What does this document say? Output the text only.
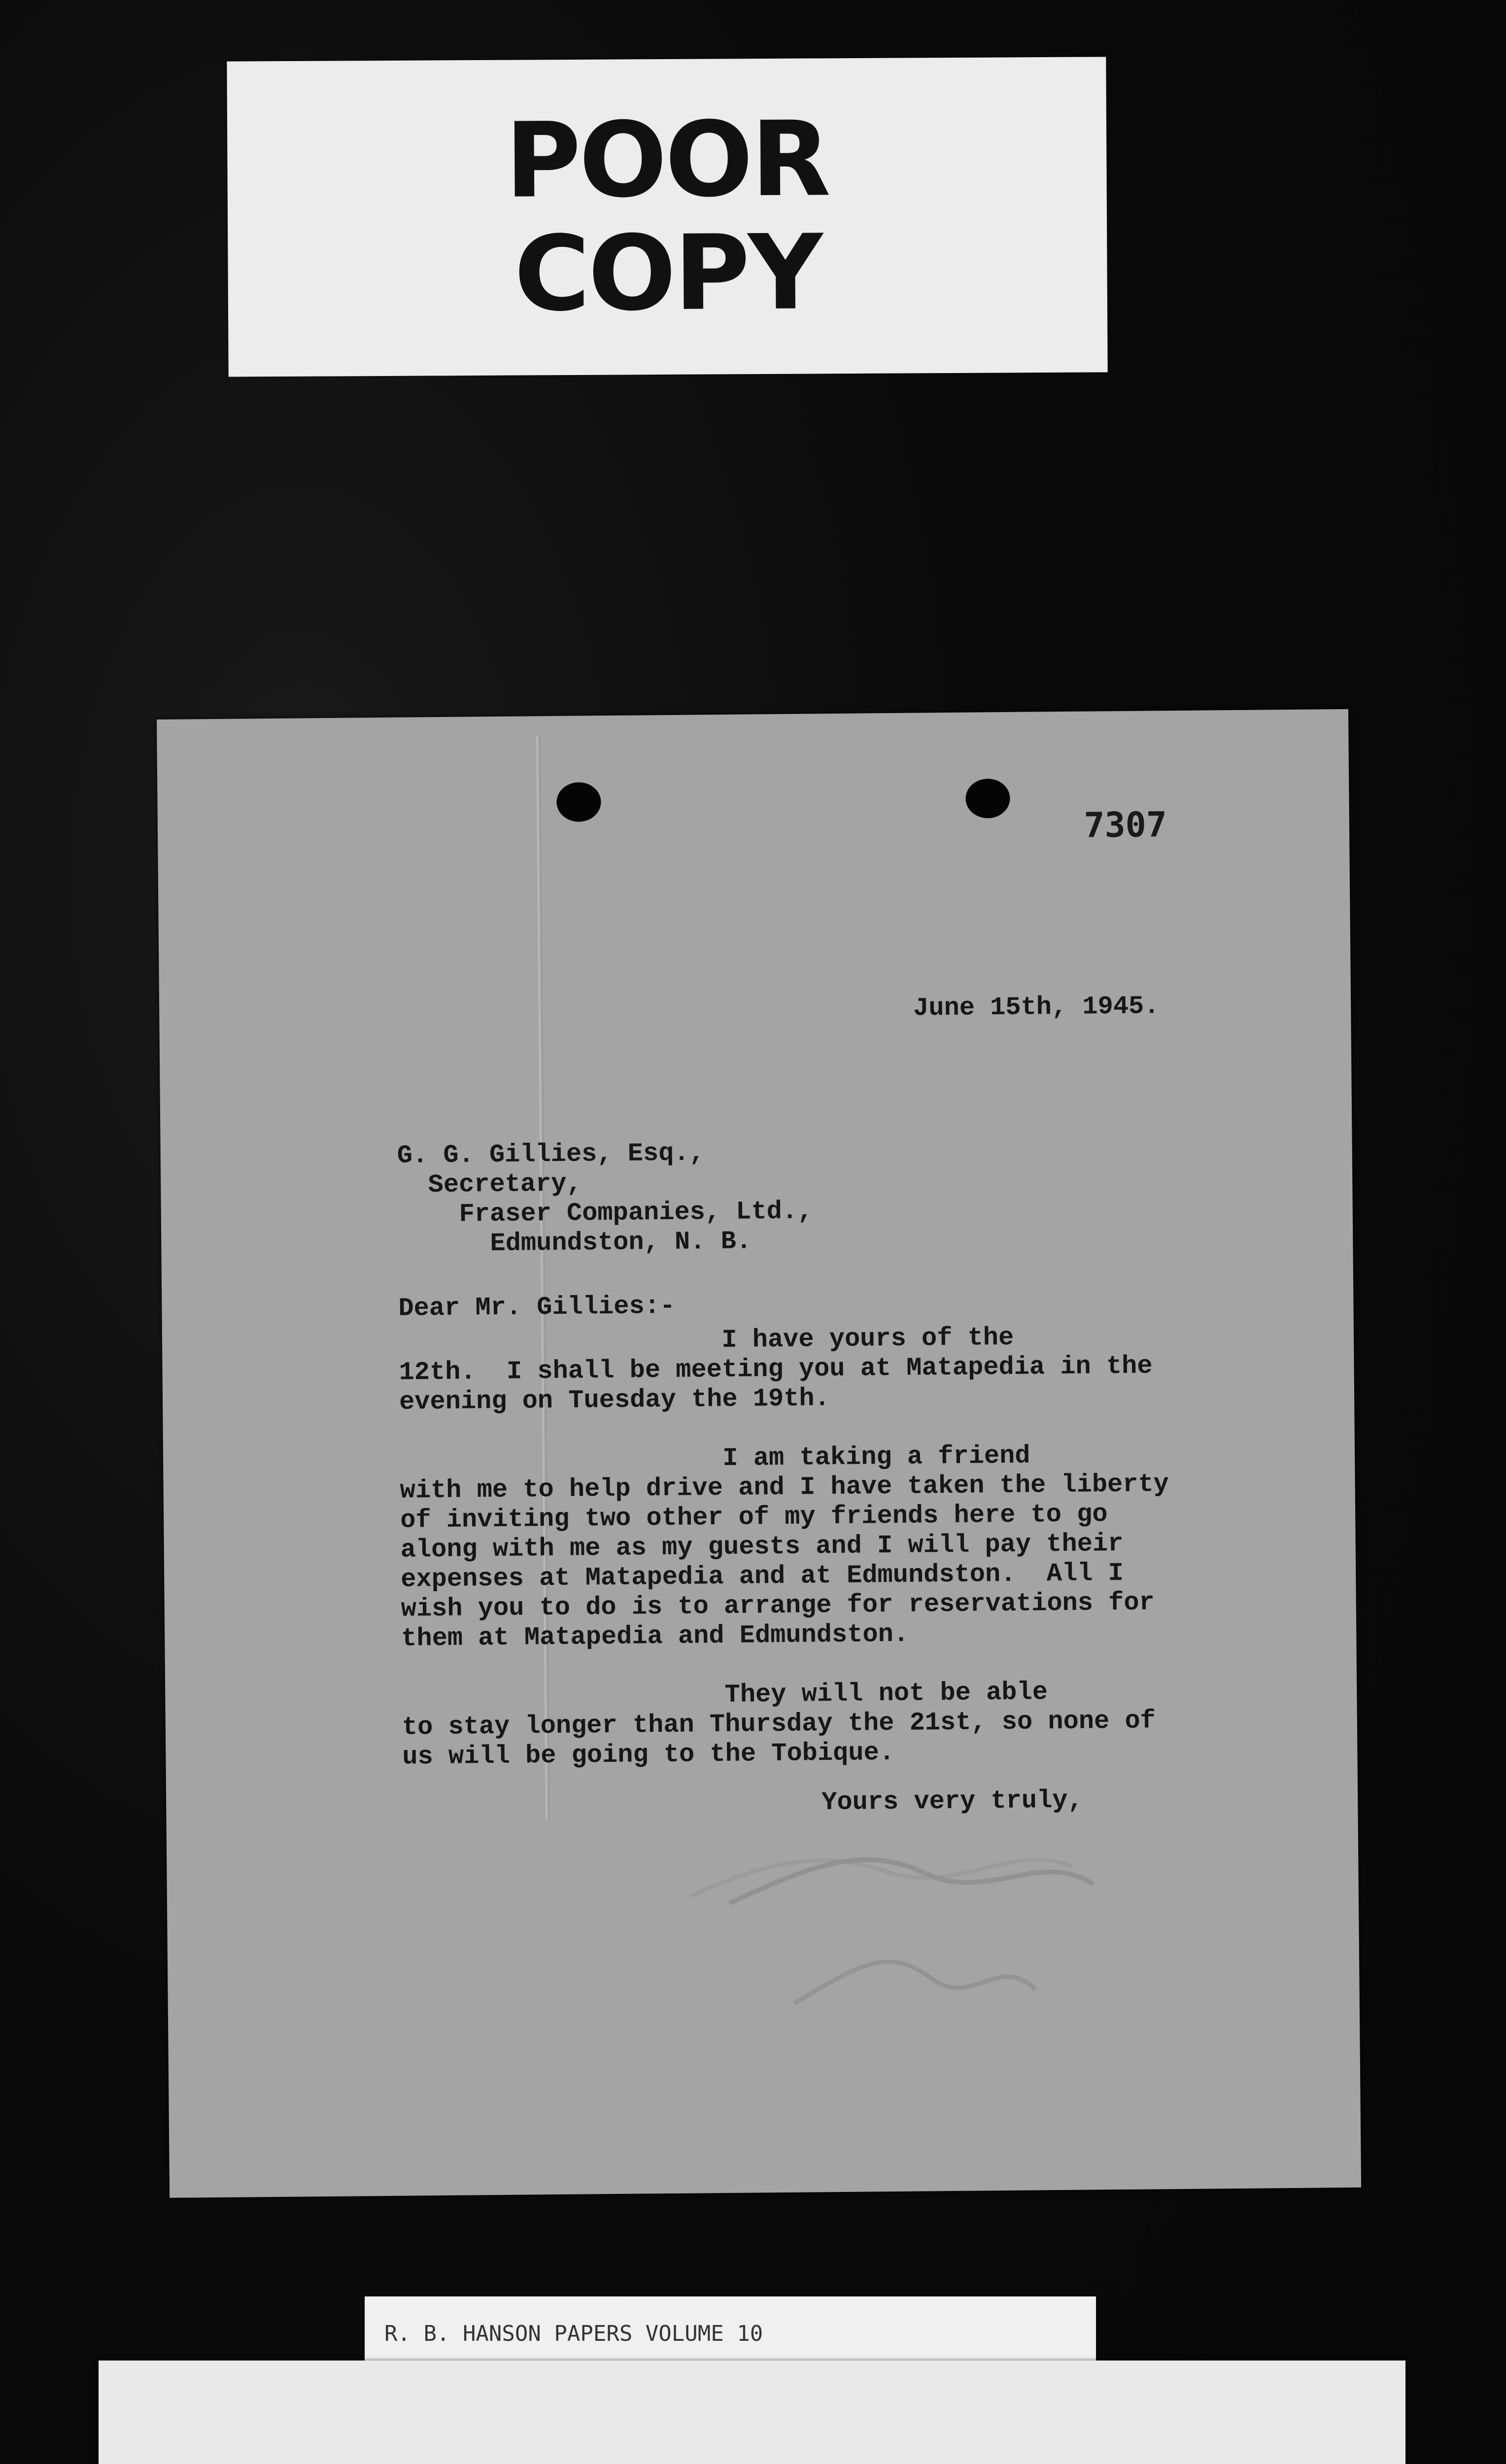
POOR
COPY
7307
June 15th, 1945.
G. G. Gillies, Esq.,
Secretary,
Fraser Companies, Ltd.,
Edmundston, N. B.
Dear Mr. Gillies:-
I have yours of the
12th.  I shall be meeting you at Matapedia in the
evening on Tuesday the 19th.
I am taking a friend
with me to help drive and I have taken the liberty
of inviting two other of my friends here to go
along with me as my guests and I will pay their
expenses at Matapedia and at Edmundston.  All I
wish you to do is to arrange for reservations for
them at Matapedia and Edmundston.
They will not be able
to stay longer than Thursday the 21st, so none of
us will be going to the Tobique.
Yours very truly,
R. B. HANSON PAPERS VOLUME 10
